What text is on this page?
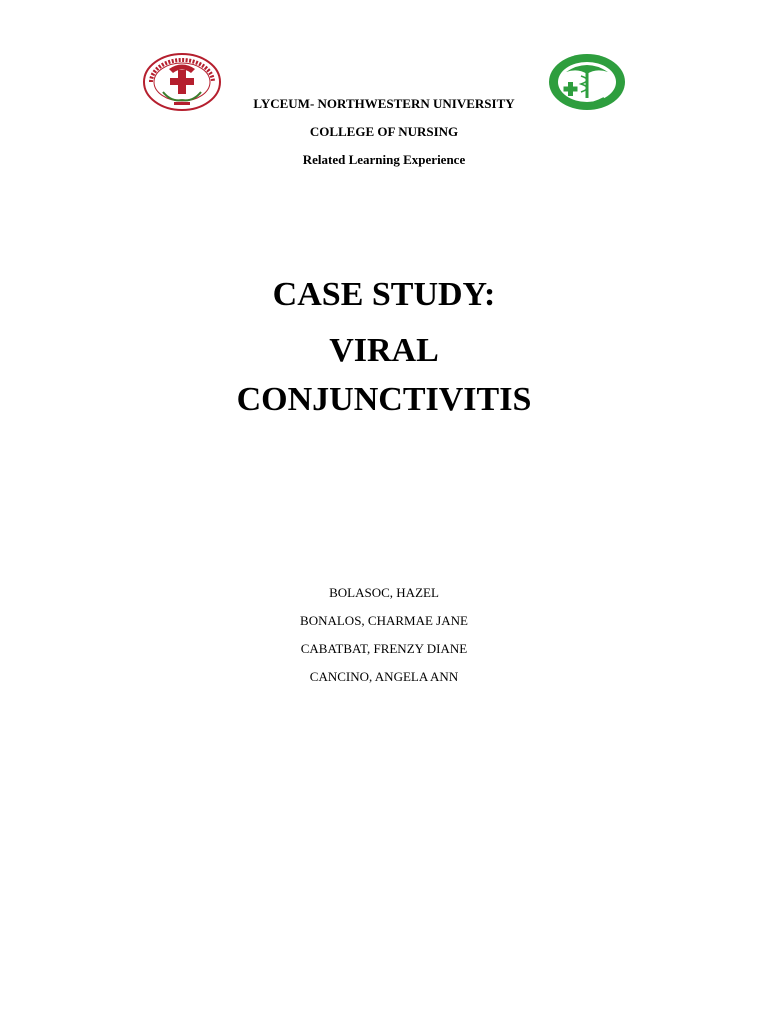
LYCEUM- NORTHWESTERN UNIVERSITY
COLLEGE OF NURSING
Related Learning Experience
CASE STUDY:
VIRAL
CONJUNCTIVITIS
BOLASOC, HAZEL
BONALOS, CHARMAE JANE
CABATBAT, FRENZY DIANE
CANCINO, ANGELA ANN
